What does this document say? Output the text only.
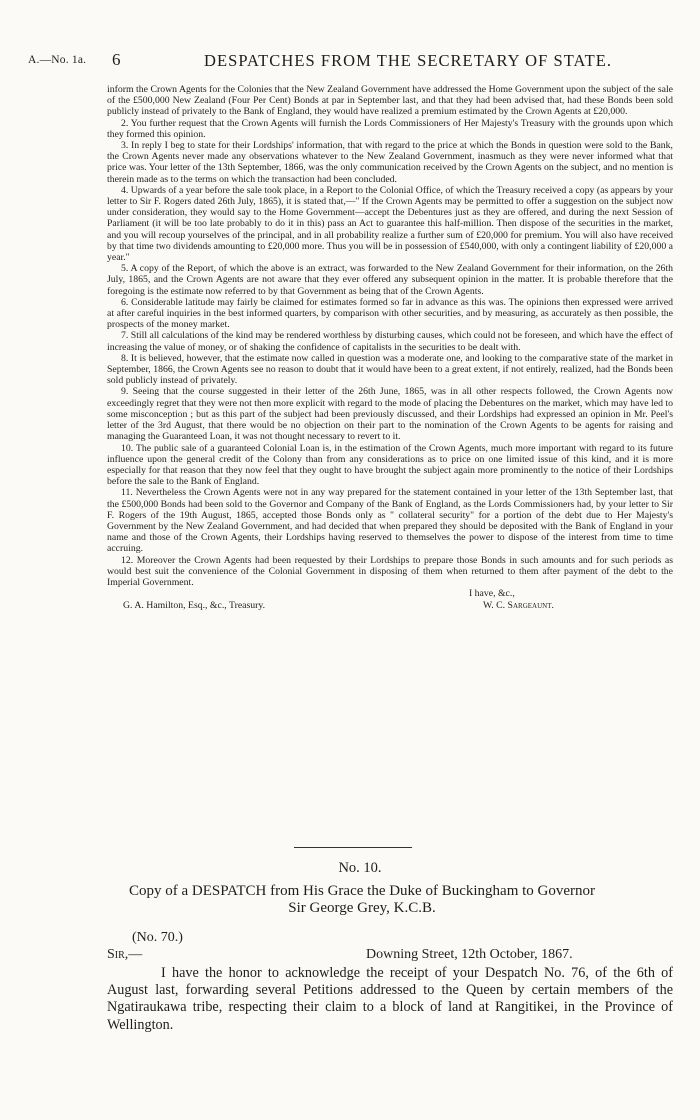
A.—No. 1a. 6	DESPATCHES FROM THE SECRETARY OF STATE.

inform the Crown Agents for the Colonies that the New Zealand Government have addressed the Home Government upon the subject of the sale of the £500,000 New Zealand (Four Per Cent) Bonds at par in September last, and that they had been advised that, had these Bonds been sold publicly instead of privately to the Bank of England, they would have realized a premium estimated by the Crown Agents at £20,000.

2. You further request that the Crown Agents will furnish the Lords Commissioners of Her Majesty's Treasury with the grounds upon which they formed this opinion.

3. In reply I beg to state for their Lordships' information, that with regard to the price at which the Bonds in question were sold to the Bank, the Crown Agents never made any observations whatever to the New Zealand Government, inasmuch as they were never informed what that price was. Your letter of the 13th September, 1866, was the only communication received by the Crown Agents on the subject, and no mention is therein made as to the terms on which the transaction had been concluded.

4. Upwards of a year before the sale took place, in a Report to the Colonial Office, of which the Treasury received a copy (as appears by your letter to Sir F. Rogers dated 26th July, 1865), it is stated that,—" If the Crown Agents may be permitted to offer a suggestion on the subject now under consideration, they would say to the Home Government—accept the Debentures just as they are offered, and during the next Session of Parliament (it will be too late probably to do it in this) pass an Act to guarantee this half-million. Then dispose of the securities in the market, and you will recoup yourselves of the principal, and in all probability realize a further sum of £20,000 for premium. You will also have received by that time two dividends amounting to £20,000 more. Thus you will be in possession of £540,000, with only a contingent liability of £20,000 a year."

5. A copy of the Report, of which the above is an extract, was forwarded to the New Zealand Government for their information, on the 26th July, 1865, and the Crown Agents are not aware that they ever offered any subsequent opinion in the matter. It is probable therefore that the foregoing is the estimate now referred to by that Government as being that of the Crown Agents.

6. Considerable latitude may fairly be claimed for estimates formed so far in advance as this was. The opinions then expressed were arrived at after careful inquiries in the best informed quarters, by comparison with other securities, and by measuring, as accurately as then possible, the prospects of the money market.

7. Still all calculations of the kind may be rendered worthless by disturbing causes, which could not be foreseen, and which have the effect of increasing the value of money, or of shaking the confidence of capitalists in the securities to be dealt with.

8. It is believed, however, that the estimate now called in question was a moderate one, and looking to the comparative state of the market in September, 1866, the Crown Agents see no reason to doubt that it would have been to a great extent, if not entirely, realized, had the Bonds been sold publicly instead of privately.

9. Seeing that the course suggested in their letter of the 26th June, 1865, was in all other respects followed, the Crown Agents now exceedingly regret that they were not then more explicit with regard to the mode of placing the Debentures on the market, which may have led to some misconception ; but as this part of the subject had been previously discussed, and their Lordships had expressed an opinion in Mr. Peel's letter of the 3rd August, that there would be no objection on their part to the nomination of the Crown Agents to be agents for raising and managing the Guaranteed Loan, it was not thought necessary to revert to it.

10. The public sale of a guaranteed Colonial Loan is, in the estimation of the Crown Agents, much more important with regard to its future influence upon the general credit of the Colony than from any considerations as to price on one limited issue of this kind, and it is more especially for that reason that they now feel that they ought to have brought the subject again more prominently to the notice of their Lordships before the sale to the Bank of England.

11. Nevertheless the Crown Agents were not in any way prepared for the statement contained in your letter of the 13th September last, that the £500,000 Bonds had been sold to the Governor and Company of the Bank of England, as the Lords Commissioners had, by your letter to Sir F. Rogers of the 19th August, 1865, accepted those Bonds only as " collateral security" for a portion of the debt due to Her Majesty's Government by the New Zealand Government, and had decided that when prepared they should be deposited with the Bank of England in your name and those of the Crown Agents, their Lordships having reserved to themselves the power to dispose of the interest from time to time accruing.

12. Moreover the Crown Agents had been requested by their Lordships to prepare those Bonds in such amounts and for such periods as would best suit the convenience of the Colonial Government in disposing of them when returned to them after payment of the debt to the Imperial Government.

I have, &c.,
G. A. Hamilton, Esq., &c., Treasury.	W. C. Sargeaunt.
No. 10.
Copy of a DESPATCH from His Grace the Duke of Buckingham to Governor
Sir George Grey, K.C.B.
(No. 70.)
Sir,—	Downing Street, 12th October, 1867.

I have the honor to acknowledge the receipt of your Despatch No. 76, of the 6th of August last, forwarding several Petitions addressed to the Queen by certain members of the Ngatiraukawa tribe, respecting their claim to a block of land at Rangitikei, in the Province of Wellington.
